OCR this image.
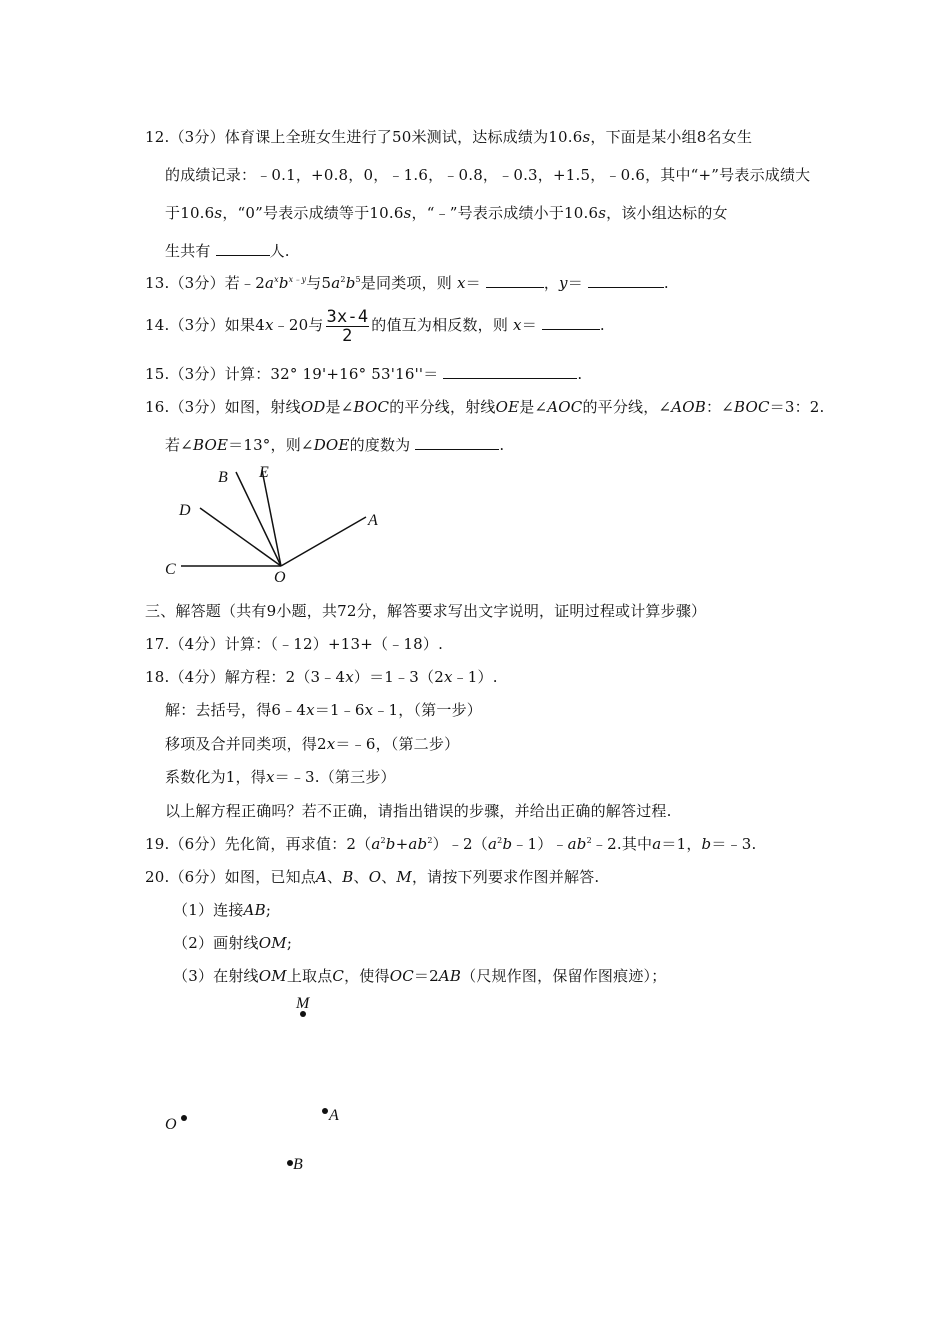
12.（3分）体育课上全班女生进行了50米测试，达标成绩为10.6s，下面是某小组8名女生
的成绩记录：﹣0.1，+0.8，0，﹣1.6，﹣0.8，﹣0.3，+1.5，﹣0.6，其中“+”号表示成绩大
于10.6s，“0”号表示成绩等于10.6s，“﹣”号表示成绩小于10.6s，该小组达标的女
生共有	人.
13.（3分）若$﹣2a^xb^{x﹣y}$与$5a^2b^5$是同类项，则 x＝	，y＝	.
14.（3分）如果4x﹣20与 $\frac{3x-4}{2}$ 的值互为相反数，则 x＝	.
15.（3分）计算：32° 19'+16° 53'16''＝	.
16.（3分）如图，射线OD是∠BOC的平分线，射线OE是∠AOC的平分线，∠AOB：∠BOC＝3：2.
若∠BOE＝13°，则∠DOE的度数为	.
B E
D
A
C	O
三、解答题（共有9小题，共72分，解答要求写出文字说明，证明过程或计算步骤）
17.（4分）计算：（﹣12）+13+（﹣18）.
18.（4分）解方程：2（3﹣4x）＝1﹣3（2x﹣1）.
解：去括号，得6﹣4x＝1﹣6x﹣1，（第一步）
移项及合并同类项，得2x＝﹣6，（第二步）
系数化为1，得x＝﹣3.（第三步）
以上解方程正确吗？若不正确，请指出错误的步骤，并给出正确的解答过程.
19.（6分）先化简，再求值：$2(a^2b+ab^2)﹣2(a^2b﹣1)﹣ab^2﹣2$.其中a＝1，b＝﹣3.
20.（6分）如图，已知点A、B、O、M，请按下列要求作图并解答.
（1）连接AB;
（2）画射线OM;
（3）在射线OM上取点C，使得OC＝2AB（尺规作图，保留作图痕迹）；
M
A
O
B
